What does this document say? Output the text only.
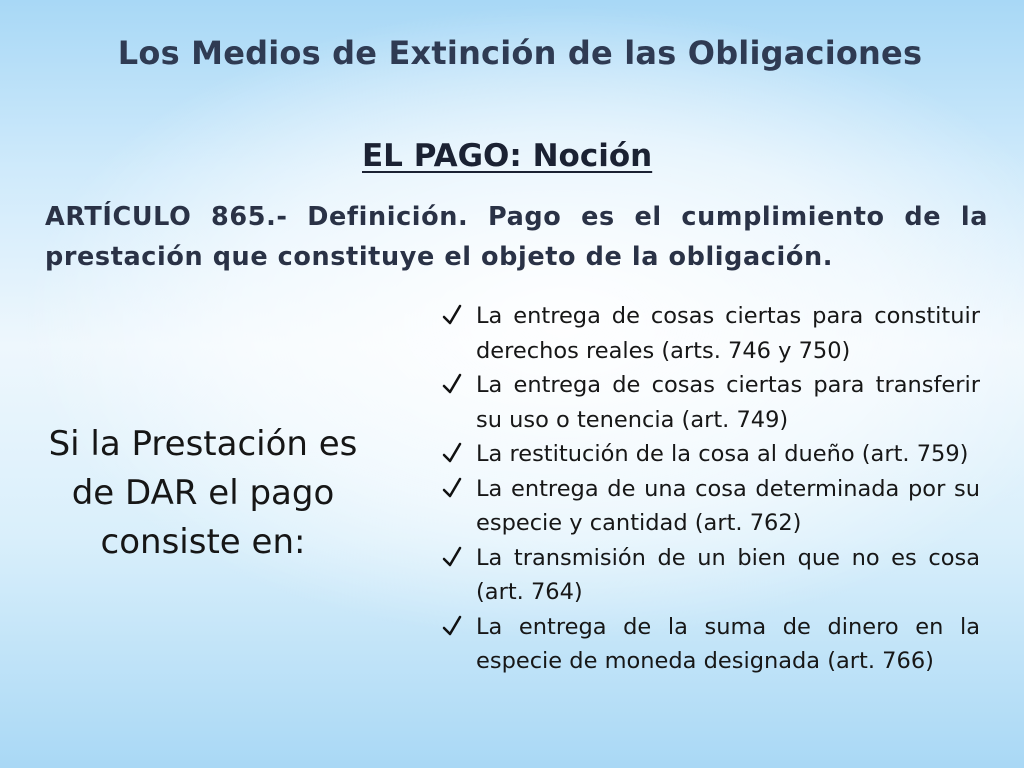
Los Medios de Extinción de las Obligaciones
EL PAGO: Noción
ARTÍCULO 865.- Definición. Pago es el cumplimiento de la prestación que constituye el objeto de la obligación.
Si la Prestación es de DAR el pago consiste en:
La entrega de cosas ciertas para constituir derechos reales (arts. 746 y 750)
La entrega de cosas ciertas para transferir su uso o tenencia (art. 749)
La restitución de la cosa al dueño (art. 759)
La entrega de una cosa determinada por su especie y cantidad (art. 762)
La transmisión de un bien que no es cosa (art. 764)
La entrega de la suma de dinero en la especie de moneda designada (art. 766)
